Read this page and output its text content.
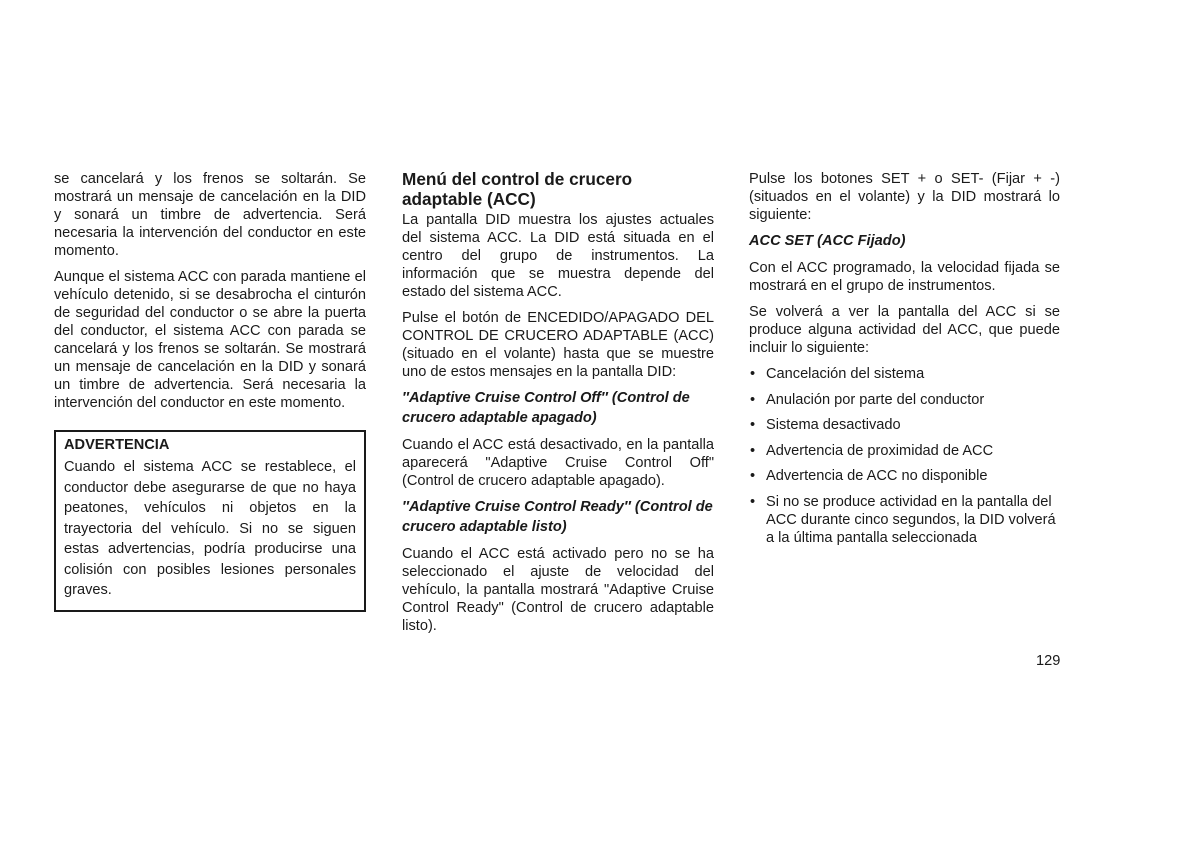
se cancelará y los frenos se soltarán. Se mostrará un mensaje de cancelación en la DID y sonará un timbre de advertencia. Será necesaria la intervención del conductor en este momento.

Aunque el sistema ACC con parada mantiene el vehículo detenido, si se desabrocha el cinturón de seguridad del conductor o se abre la puerta del conductor, el sistema ACC con parada se cancelará y los frenos se soltarán. Se mostrará un mensaje de cancelación en la DID y sonará un timbre de advertencia. Será necesaria la intervención del conductor en este momento.

ADVERTENCIA

Cuando el sistema ACC se restablece, el conductor debe asegurarse de que no haya peatones, vehículos ni objetos en la trayectoria del vehículo. Si no se siguen estas advertencias, podría producirse una colisión con posibles lesiones personales graves.

Menú del control de crucero adaptable (ACC)

La pantalla DID muestra los ajustes actuales del sistema ACC. La DID está situada en el centro del grupo de instrumentos. La información que se muestra depende del estado del sistema ACC.

Pulse el botón de ENCEDIDO/APAGADO DEL CONTROL DE CRUCERO ADAPTABLE (ACC) (situado en el volante) hasta que se muestre uno de estos mensajes en la pantalla DID:

″Adaptive Cruise Control Off″ (Control de crucero adaptable apagado)

Cuando el ACC está desactivado, en la pantalla aparecerá "Adaptive Cruise Control Off" (Control de crucero adaptable apagado).

″Adaptive Cruise Control Ready″ (Control de crucero adaptable listo)

Cuando el ACC está activado pero no se ha seleccionado el ajuste de velocidad del vehículo, la pantalla mostrará "Adaptive Cruise Control Ready" (Control de crucero adaptable listo).

Pulse los botones SET + o SET- (Fijar + -) (situados en el volante) y la DID mostrará lo siguiente:

ACC SET (ACC Fijado)

Con el ACC programado, la velocidad fijada se mostrará en el grupo de instrumentos.

Se volverá a ver la pantalla del ACC si se produce alguna actividad del ACC, que puede incluir lo siguiente:

• Cancelación del sistema
• Anulación por parte del conductor
• Sistema desactivado
• Advertencia de proximidad de ACC
• Advertencia de ACC no disponible
• Si no se produce actividad en la pantalla del ACC durante cinco segundos, la DID volverá a la última pantalla seleccionada
129
